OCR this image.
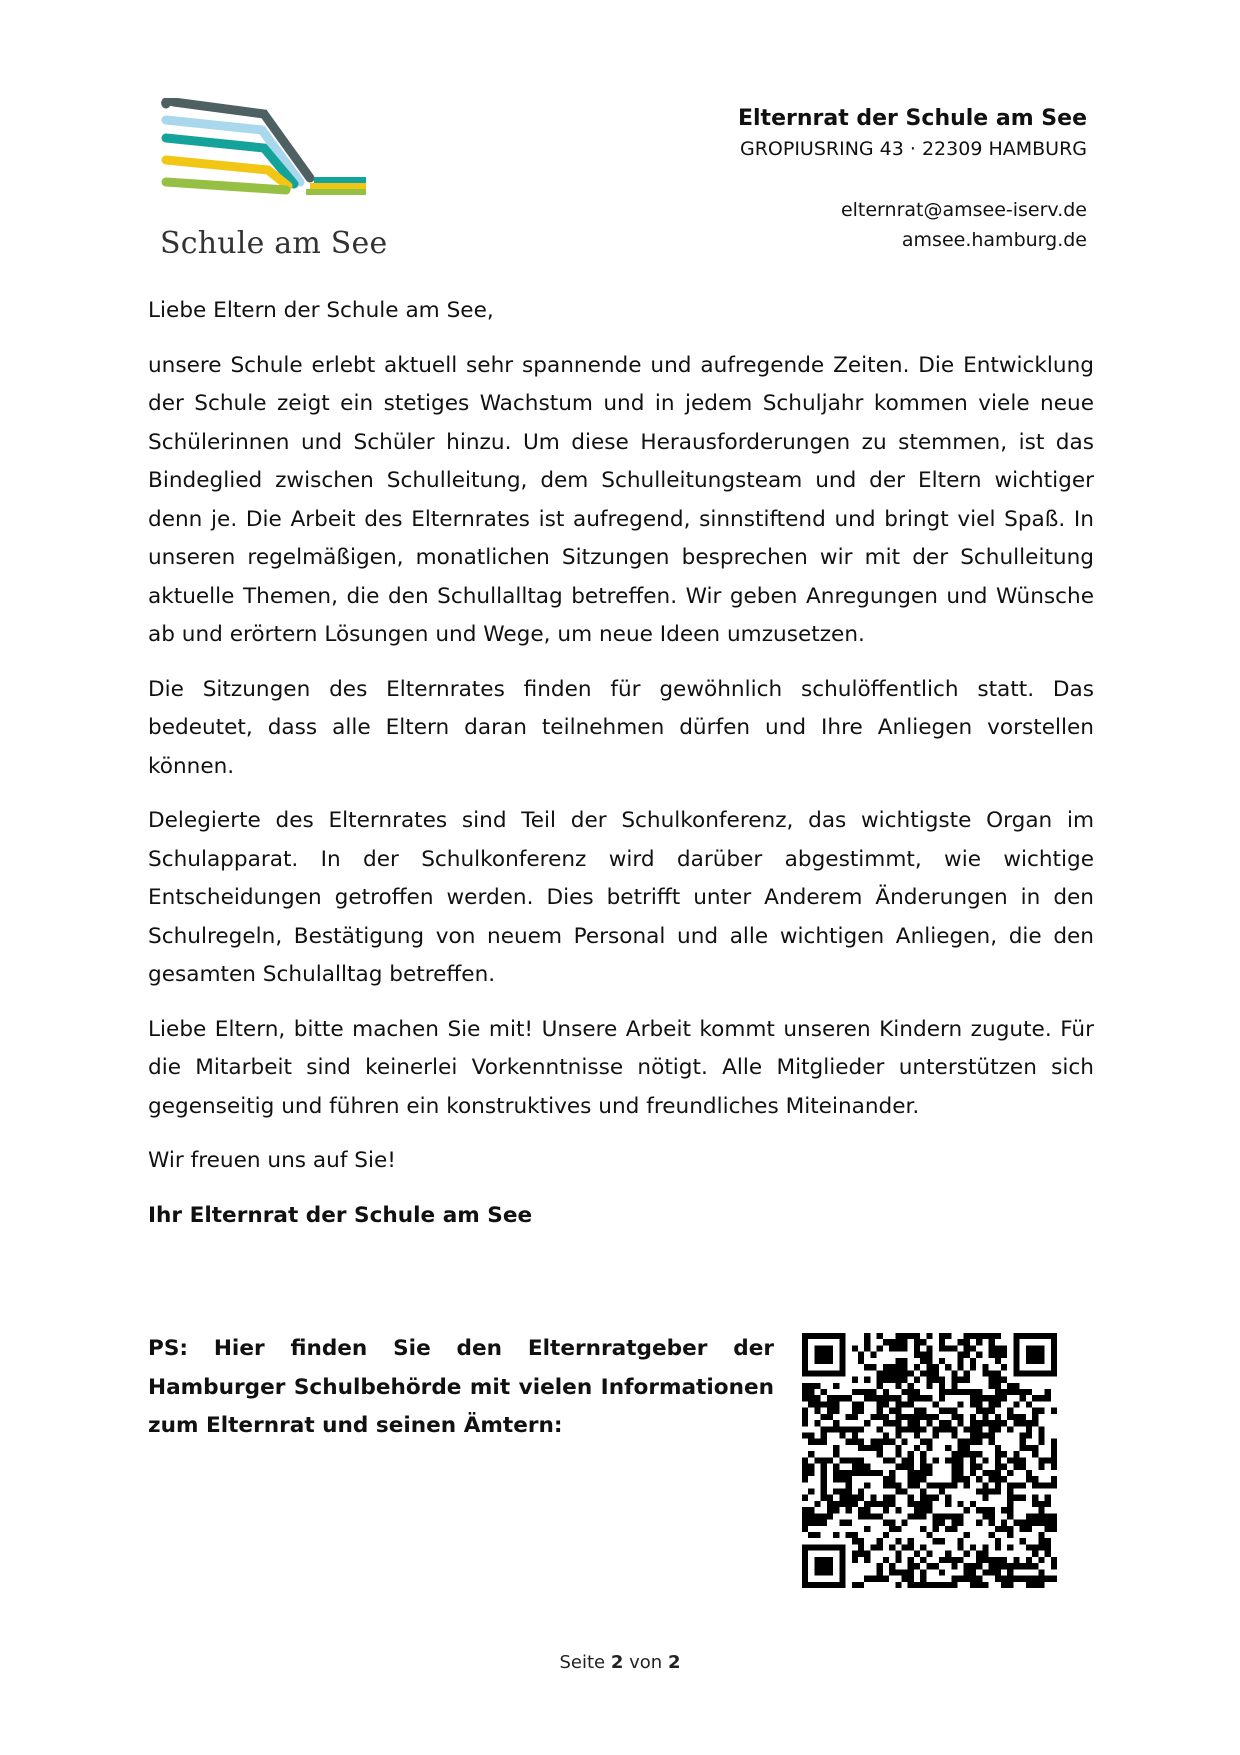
Schule am See
Elternrat der Schule am See
GROPIUSRING 43 · 22309 HAMBURG
elternrat@amsee-iserv.de
amsee.hamburg.de

Liebe Eltern der Schule am See,

unsere Schule erlebt aktuell sehr spannende und aufregende Zeiten. Die Entwicklung der Schule zeigt ein stetiges Wachstum und in jedem Schuljahr kommen viele neue Schülerinnen und Schüler hinzu. Um diese Herausforderungen zu stemmen, ist das Bindeglied zwischen Schulleitung, dem Schulleitungsteam und der Eltern wichtiger denn je. Die Arbeit des Elternrates ist aufregend, sinnstiftend und bringt viel Spaß. In unseren regelmäßigen, monatlichen Sitzungen besprechen wir mit der Schulleitung aktuelle Themen, die den Schullalltag betreffen. Wir geben Anregungen und Wünsche ab und erörtern Lösungen und Wege, um neue Ideen umzusetzen.

Die Sitzungen des Elternrates finden für gewöhnlich schulöffentlich statt. Das bedeutet, dass alle Eltern daran teilnehmen dürfen und Ihre Anliegen vorstellen können.

Delegierte des Elternrates sind Teil der Schulkonferenz, das wichtigste Organ im Schulapparat. In der Schulkonferenz wird darüber abgestimmt, wie wichtige Entscheidungen getroffen werden. Dies betrifft unter Anderem Änderungen in den Schulregeln, Bestätigung von neuem Personal und alle wichtigen Anliegen, die den gesamten Schulalltag betreffen.

Liebe Eltern, bitte machen Sie mit! Unsere Arbeit kommt unseren Kindern zugute. Für die Mitarbeit sind keinerlei Vorkenntnisse nötigt. Alle Mitglieder unterstützen sich gegenseitig und führen ein konstruktives und freundliches Miteinander.

Wir freuen uns auf Sie!

Ihr Elternrat der Schule am See

PS: Hier finden Sie den Elternratgeber der Hamburger Schulbehörde mit vielen Informationen zum Elternrat und seinen Ämtern:
Seite 2 von 2
